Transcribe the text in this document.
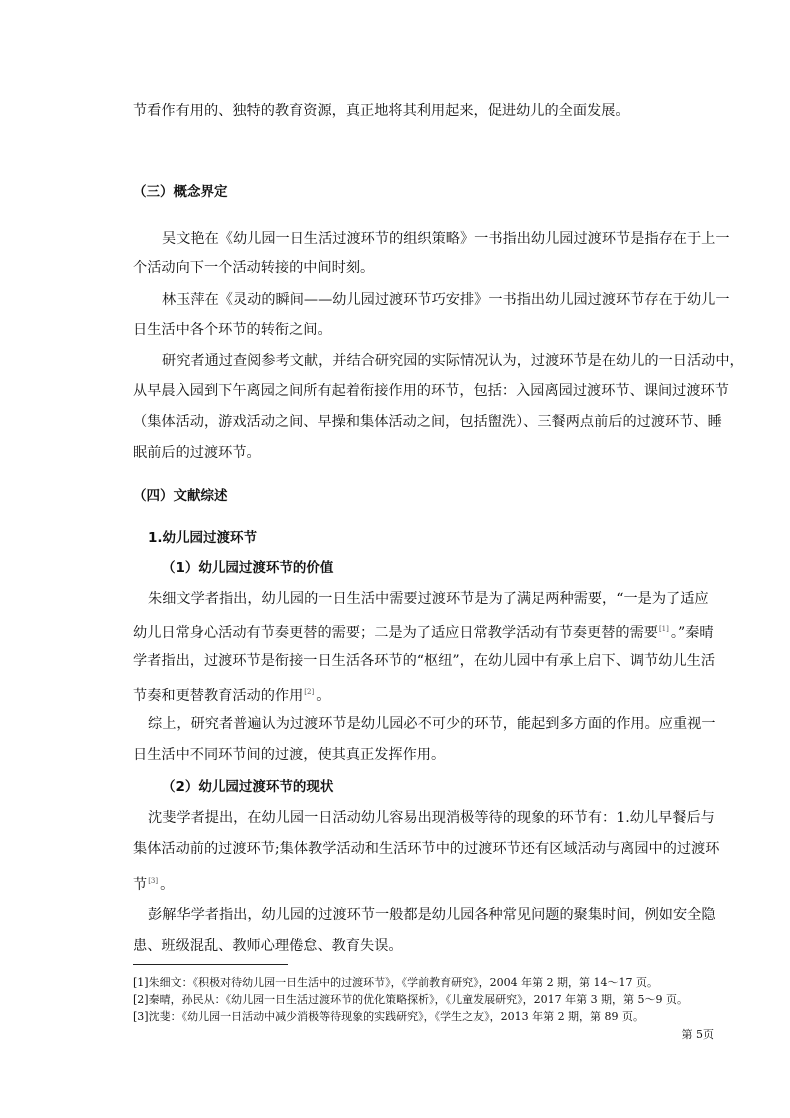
节看作有用的、独特的教育资源，真正地将其利用起来，促进幼儿的全面发展。
（三）概念界定
吴文艳在《幼儿园一日生活过渡环节的组织策略》一书指出幼儿园过渡环节是指存在于上一
个活动向下一个活动转接的中间时刻。
林玉萍在《灵动的瞬间——幼儿园过渡环节巧安排》一书指出幼儿园过渡环节存在于幼儿一
日生活中各个环节的转衔之间。
研究者通过查阅参考文献，并结合研究园的实际情况认为，过渡环节是在幼儿的一日活动中，
从早晨入园到下午离园之间所有起着衔接作用的环节，包括：入园离园过渡环节、课间过渡环节
（集体活动，游戏活动之间、早操和集体活动之间，包括盥洗）、三餐两点前后的过渡环节、睡
眠前后的过渡环节。
（四）文献综述
1.幼儿园过渡环节
（1）幼儿园过渡环节的价值
朱细文学者指出，幼儿园的一日生活中需要过渡环节是为了满足两种需要，“一是为了适应
幼儿日常身心活动有节奏更替的需要；二是为了适应日常教学活动有节奏更替的需要[1] 。”秦晴
学者指出，过渡环节是衔接一日生活各环节的“枢纽”，在幼儿园中有承上启下、调节幼儿生活
节奏和更替教育活动的作用[2] 。
综上，研究者普遍认为过渡环节是幼儿园必不可少的环节，能起到多方面的作用。应重视一
日生活中不同环节间的过渡，使其真正发挥作用。
（2）幼儿园过渡环节的现状
沈斐学者提出，在幼儿园一日活动幼儿容易出现消极等待的现象的环节有：1.幼儿早餐后与
集体活动前的过渡环节;集体教学活动和生活环节中的过渡环节还有区域活动与离园中的过渡环
节[3] 。
彭解华学者指出，幼儿园的过渡环节一般都是幼儿园各种常见问题的聚集时间，例如安全隐
患、班级混乱、教师心理倦怠、教育失误。
[1]朱细文：《积极对待幼儿园一日生活中的过渡环节》，《学前教育研究》，2004 年第 2 期，第 14～17 页。
[2]秦晴，孙民从：《幼儿园一日生活过渡环节的优化策略探析》，《儿童发展研究》，2017 年第 3 期，第 5～9 页。
[3]沈斐：《幼儿园一日活动中减少消极等待现象的实践研究》，《学生之友》，2013 年第 2 期，第 89 页。
第 5页
